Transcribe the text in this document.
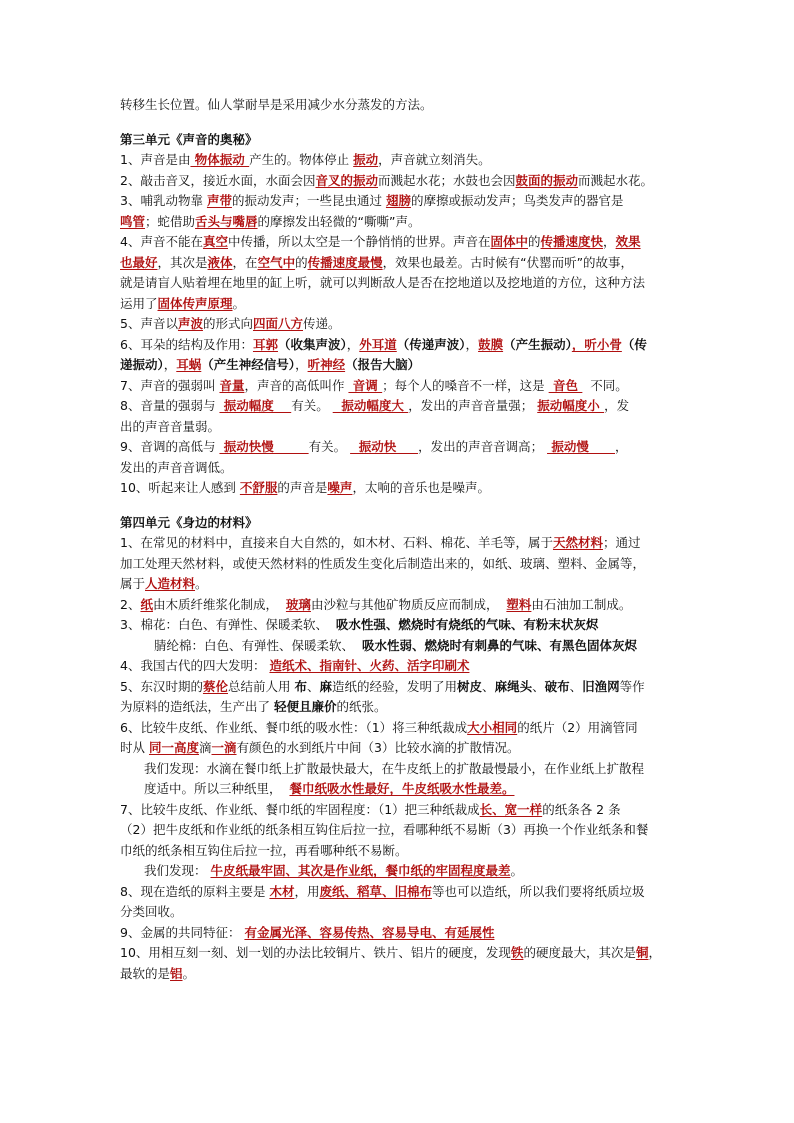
转移生长位置。仙人掌耐旱是采用减少水分蒸发的方法。
第三单元《声音的奥秘》
1、声音是由 物体振动 产生的。物体停止 振动，声音就立刻消失。
2、敲击音叉，接近水面，水面会因音叉的振动而溅起水花；水鼓也会因鼓面的振动而溅起水花。
3、哺乳动物靠 声带的振动发声；一些昆虫通过 翅膀的摩擦或振动发声；鸟类发声的器官是
鸣管；蛇借助舌头与嘴唇的摩擦发出轻微的“嘶嘶”声。
4、声音不能在真空中传播，所以太空是一个静悄悄的世界。声音在固体中的传播速度快，效果
也最好，其次是液体，在空气中的传播速度最慢，效果也最差。古时候有“伏罂而听”的故事，
就是请盲人贴着埋在地里的缸上听，就可以判断敌人是否在挖地道以及挖地道的方位，这种方法
运用了固体传声原理。
5、声音以声波的形式向四面八方传递。
6、耳朵的结构及作用：耳郭（收集声波），外耳道（传递声波），鼓膜（产生振动），听小骨（传
递振动），耳蜗（产生神经信号），听神经（报告大脑）
7、声音的强弱叫 音量，声音的高低叫作  音调 ；每个人的嗓音不一样，这是  音色   不同。
8、音量的强弱与  振动幅度    有关。   振动幅度大 ，发出的声音音量强； 振动幅度小 ，发
出的声音音量弱。
9、音调的高低与  振动快慢        有关。   振动快     ，发出的声音音调高；  振动慢      ，
发出的声音音调低。
10、听起来让人感到 不舒服的声音是噪声，太响的音乐也是噪声。
第四单元《身边的材料》
1、在常见的材料中，直接来自大自然的，如木材、石料、棉花、羊毛等，属于天然材料；通过
加工处理天然材料，或使天然材料的性质发生变化后制造出来的，如纸、玻璃、塑料、金属等，
属于人造材料。
2、纸由木质纤维浆化制成，  玻璃由沙粒与其他矿物质反应而制成，  塑料由石油加工制成。
3、棉花：白色、有弹性、保暖柔软、  吸水性强、燃烧时有烧纸的气味、有粉末状灰烬
腈纶棉：白色、有弹性、保暖柔软、  吸水性弱、燃烧时有刺鼻的气味、有黑色固体灰烬
4、我国古代的四大发明： 造纸术、指南针、火药、活字印刷术
5、东汉时期的蔡伦总结前人用 布、麻造纸的经验，发明了用树皮、麻绳头、破布、旧渔网等作
为原料的造纸法，生产出了 轻便且廉价的纸张。
6、比较牛皮纸、作业纸、餐巾纸的吸水性：（1）将三种纸裁成大小相同的纸片（2）用滴管同
时从 同一高度滴一滴有颜色的水到纸片中间（3）比较水滴的扩散情况。
我们发现：水滴在餐巾纸上扩散最快最大，在牛皮纸上的扩散最慢最小，在作业纸上扩散程
度适中。所以三种纸里，  餐巾纸吸水性最好，牛皮纸吸水性最差。
7、比较牛皮纸、作业纸、餐巾纸的牢固程度：（1）把三种纸裁成长、宽一样的纸条各 2 条
（2）把牛皮纸和作业纸的纸条相互钩住后拉一拉，看哪种纸不易断（3）再换一个作业纸条和餐
巾纸的纸条相互钩住后拉一拉，再看哪种纸不易断。
我们发现： 牛皮纸最牢固、其次是作业纸，餐巾纸的牢固程度最差。
8、现在造纸的原料主要是 木材，用废纸、稻草、旧棉布等也可以造纸，所以我们要将纸质垃圾
分类回收。
9、金属的共同特征： 有金属光泽、容易传热、容易导电、有延展性
10、用相互刻一刻、划一划的办法比较铜片、铁片、铝片的硬度，发现铁的硬度最大，其次是铜，
最软的是铝。
